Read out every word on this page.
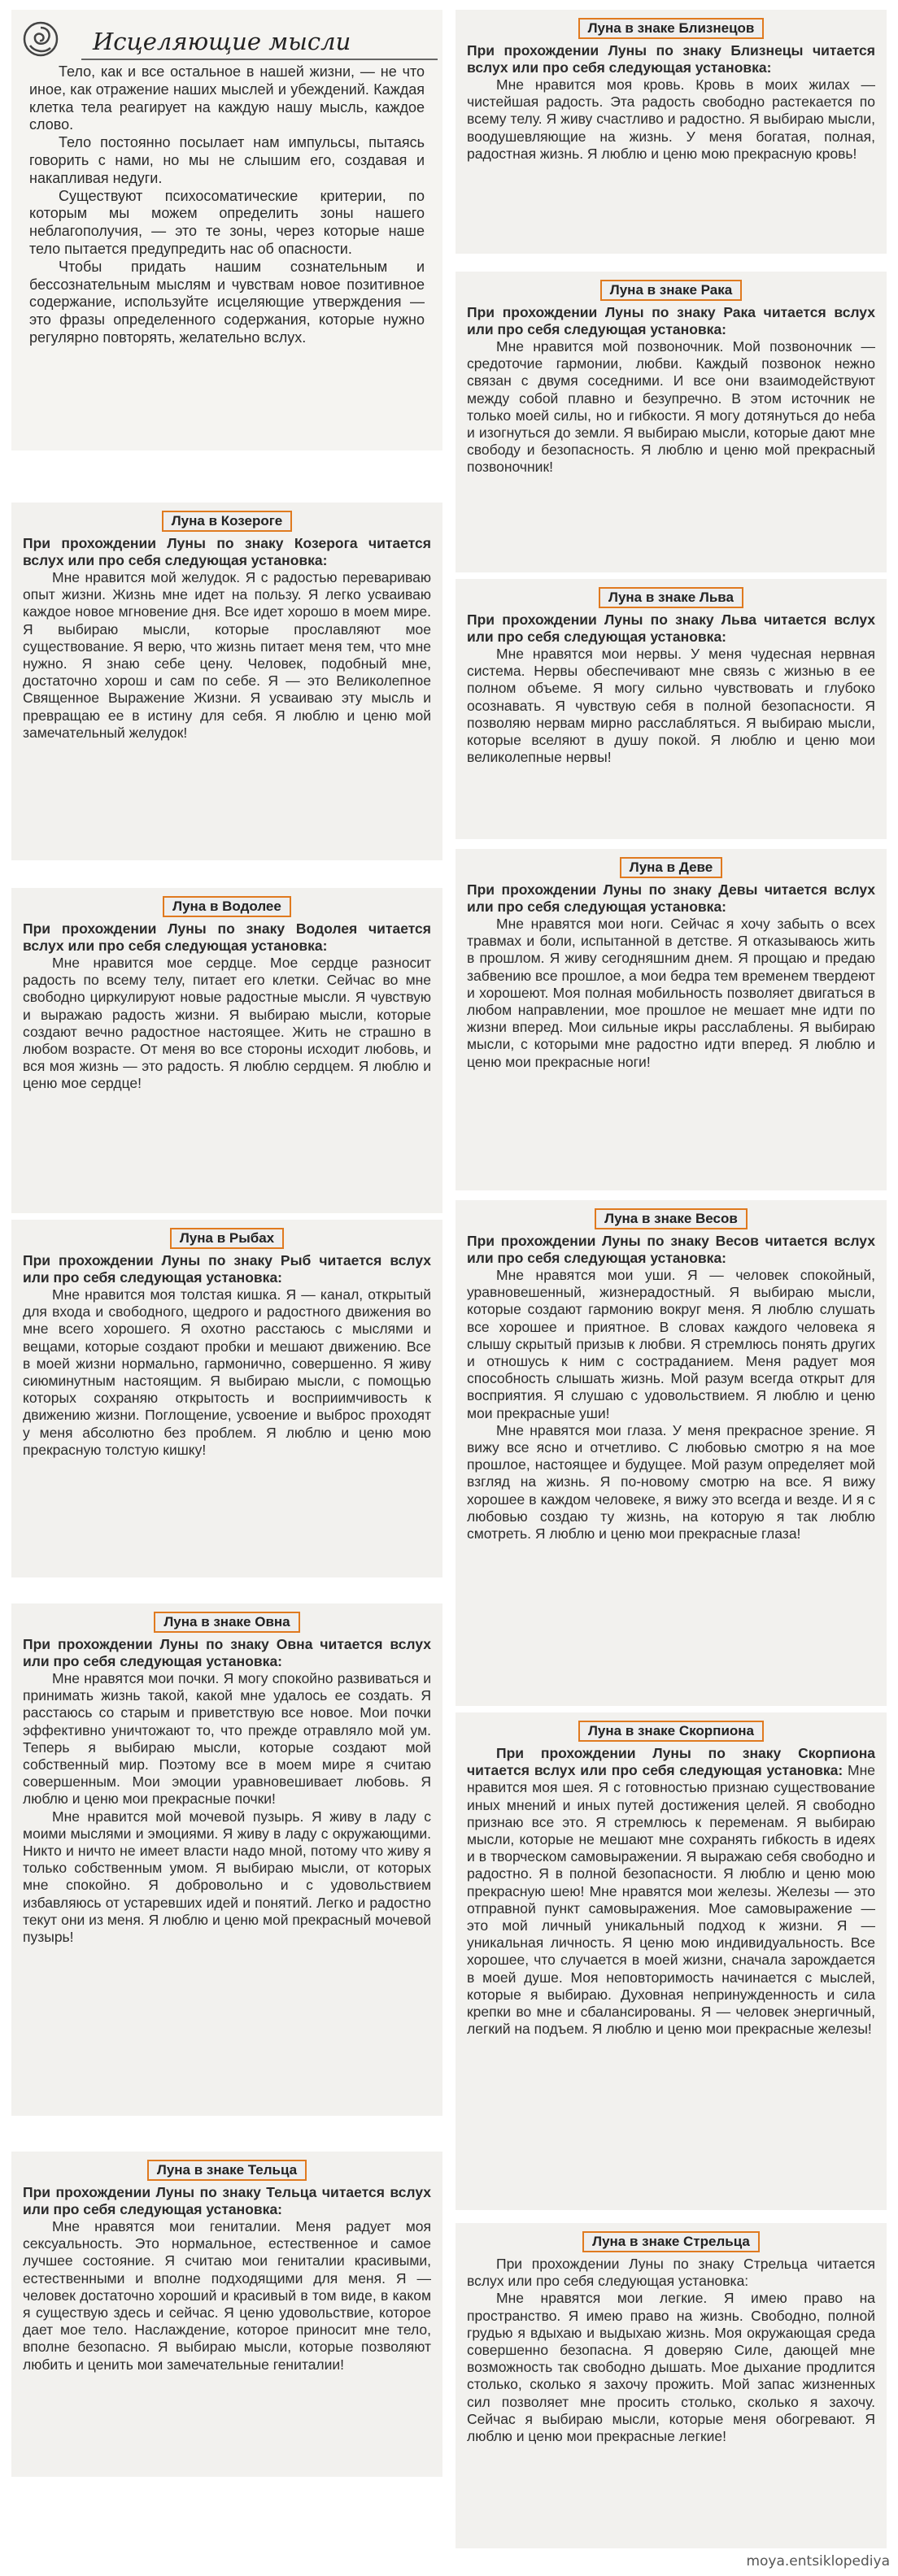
Исцеляющие мысли

Тело, как и все остальное в нашей жизни, — не что иное, как отражение наших мыслей и убеждений. Каждая клетка тела реагирует на каждую нашу мысль, каждое слово.

Тело постоянно посылает нам импульсы, пытаясь говорить с нами, но мы не слышим его, создавая и накапливая недуги.

Существуют психосоматические критерии, по которым мы можем определить зоны нашего неблагополучия, — это те зоны, через которые наше тело пытается предупредить нас об опасности.

Чтобы придать нашим сознательным и бессознательным мыслям и чувствам новое позитивное содержание, используйте исцеляющие утверждения — это фразы определенного содержания, которые нужно регулярно повторять, желательно вслух.

Луна в Козероге
При прохождении Луны по знаку Козерога читается вслух или про себя следующая установка:

Мне нравится мой желудок. Я с радостью перевариваю опыт жизни. Жизнь мне идет на пользу. Я легко усваиваю каждое новое мгновение дня. Все идет хорошо в моем мире. Я выбираю мысли, которые прославляют мое существование. Я верю, что жизнь питает меня тем, что мне нужно. Я знаю себе цену. Человек, подобный мне, достаточно хорош и сам по себе. Я — это Великолепное Священное Выражение Жизни. Я усваиваю эту мысль и превращаю ее в истину для себя. Я люблю и ценю мой замечательный желудок!

Луна в Водолее
При прохождении Луны по знаку Водолея читается вслух или про себя следующая установка:

Мне нравится мое сердце. Мое сердце разносит радость по всему телу, питает его клетки. Сейчас во мне свободно циркулируют новые радостные мысли. Я чувствую и выражаю радость жизни. Я выбираю мысли, которые создают вечно радостное настоящее. Жить не страшно в любом возрасте. От меня во все стороны исходит любовь, и вся моя жизнь — это радость. Я люблю сердцем. Я люблю и ценю мое сердце!

Луна в Рыбах
При прохождении Луны по знаку Рыб читается вслух или про себя следующая установка:

Мне нравится моя толстая кишка. Я — канал, открытый для входа и свободного, щедрого и радостного движения во мне всего хорошего. Я охотно расстаюсь с мыслями и вещами, которые создают пробки и мешают движению. Все в моей жизни нормально, гармонично, совершенно. Я живу сиюминутным настоящим. Я выбираю мысли, с помощью которых сохраняю открытость и восприимчивость к движению жизни. Поглощение, усвоение и выброс проходят у меня абсолютно без проблем. Я люблю и ценю мою прекрасную толстую кишку!

Луна в знаке Овна
При прохождении Луны по знаку Овна читается вслух или про себя следующая установка:

Мне нравятся мои почки. Я могу спокойно развиваться и принимать жизнь такой, какой мне удалось ее создать. Я расстаюсь со старым и приветствую все новое. Мои почки эффективно уничтожают то, что прежде отравляло мой ум. Теперь я выбираю мысли, которые создают мой собственный мир. Поэтому все в моем мире я считаю совершенным. Мои эмоции уравновешивает любовь. Я люблю и ценю мои прекрасные почки!

Мне нравится мой мочевой пузырь. Я живу в ладу с моими мыслями и эмоциями. Я живу в ладу с окружающими. Никто и ничто не имеет власти надо мной, потому что живу я только собственным умом. Я выбираю мысли, от которых мне спокойно. Я добровольно и с удовольствием избавляюсь от устаревших идей и понятий. Легко и радостно текут они из меня. Я люблю и ценю мой прекрасный мочевой пузырь!

Луна в знаке Тельца
При прохождении Луны по знаку Тельца читается вслух или про себя следующая установка:

Мне нравятся мои гениталии. Меня радует моя сексуальность. Это нормальное, естественное и самое лучшее состояние. Я считаю мои гениталии красивыми, естественными и вполне подходящими для меня. Я — человек достаточно хороший и красивый в том виде, в каком я существую здесь и сейчас. Я ценю удовольствие, которое дает мое тело. Наслаждение, которое приносит мне тело, вполне безопасно. Я выбираю мысли, которые позволяют любить и ценить мои замечательные гениталии!

Луна в знаке Близнецов
При прохождении Луны по знаку Близнецы читается вслух или про себя следующая установка:

Мне нравится моя кровь. Кровь в моих жилах — чистейшая радость. Эта радость свободно растекается по всему телу. Я живу счастливо и радостно. Я выбираю мысли, воодушевляющие на жизнь. У меня богатая, полная, радостная жизнь. Я люблю и ценю мою прекрасную кровь!

Луна в знаке Рака
При прохождении Луны по знаку Рака читается вслух или про себя следующая установка:

Мне нравится мой позвоночник. Мой позвоночник — средоточие гармонии, любви. Каждый позвонок нежно связан с двумя соседними. И все они взаимодействуют между собой плавно и безупречно. В этом источник не только моей силы, но и гибкости. Я могу дотянуться до неба и изогнуться до земли. Я выбираю мысли, которые дают мне свободу и безопасность. Я люблю и ценю мой прекрасный позвоночник!

Луна в знаке Льва
При прохождении Луны по знаку Льва читается вслух или про себя следующая установка:

Мне нравятся мои нервы. У меня чудесная нервная система. Нервы обеспечивают мне связь с жизнью в ее полном объеме. Я могу сильно чувствовать и глубоко осознавать. Я чувствую себя в полной безопасности. Я позволяю нервам мирно расслабляться. Я выбираю мысли, которые вселяют в душу покой. Я люблю и ценю мои великолепные нервы!

Луна в Деве
При прохождении Луны по знаку Девы читается вслух или про себя следующая установка:

Мне нравятся мои ноги. Сейчас я хочу забыть о всех травмах и боли, испытанной в детстве. Я отказываюсь жить в прошлом. Я живу сегодняшним днем. Я прощаю и предаю забвению все прошлое, а мои бедра тем временем твердеют и хорошеют. Моя полная мобильность позволяет двигаться в любом направлении, мое прошлое не мешает мне идти по жизни вперед. Мои сильные икры расслаблены. Я выбираю мысли, с которыми мне радостно идти вперед. Я люблю и ценю мои прекрасные ноги!

Луна в знаке Весов
При прохождении Луны по знаку Весов читается вслух или про себя следующая установка:

Мне нравятся мои уши. Я — человек спокойный, уравновешенный, жизнерадостный. Я выбираю мысли, которые создают гармонию вокруг меня. Я люблю слушать все хорошее и приятное. В словах каждого человека я слышу скрытый призыв к любви. Я стремлюсь понять других и отношусь к ним с состраданием. Меня радует моя способность слышать жизнь. Мой разум всегда открыт для восприятия. Я слушаю с удовольствием. Я люблю и ценю мои прекрасные уши!

Мне нравятся мои глаза. У меня прекрасное зрение. Я вижу все ясно и отчетливо. С любовью смотрю я на мое прошлое, настоящее и будущее. Мой разум определяет мой взгляд на жизнь. Я по-новому смотрю на все. Я вижу хорошее в каждом человеке, я вижу это всегда и везде. И я с любовью создаю ту жизнь, на которую я так люблю смотреть. Я люблю и ценю мои прекрасные глаза!

Луна в знаке Скорпиона

При прохождении Луны по знаку Скорпиона читается вслух или про себя следующая установка: Мне нравится моя шея. Я с готовностью признаю существование иных мнений и иных путей достижения целей. Я свободно признаю все это. Я стремлюсь к переменам. Я выбираю мысли, которые не мешают мне сохранять гибкость в идеях и в творческом самовыражении. Я выражаю себя свободно и радостно. Я в полной безопасности. Я люблю и ценю мою прекрасную шею! Мне нравятся мои железы. Железы — это отправной пункт самовыражения. Мое самовыражение — это мой личный уникальный подход к жизни. Я — уникальная личность. Я ценю мою индивидуальность. Все хорошее, что случается в моей жизни, сначала зарождается в моей душе. Моя неповторимость начинается с мыслей, которые я выбираю. Духовная непринужденность и сила крепки во мне и сбалансированы. Я — человек энергичный, легкий на подъем. Я люблю и ценю мои прекрасные железы!

Луна в знаке Стрельца

При прохождении Луны по знаку Стрельца читается вслух или про себя следующая установка:

Мне нравятся мои легкие. Я имею право на пространство. Я имею право на жизнь. Свободно, полной грудью я вдыхаю и выдыхаю жизнь. Моя окружающая среда совершенно безопасна. Я доверяю Силе, дающей мне возможность так свободно дышать. Мое дыхание продлится столько, сколько я захочу прожить. Мой запас жизненных сил позволяет мне просить столько, сколько я захочу. Сейчас я выбираю мысли, которые меня обогревают. Я люблю и ценю мои прекрасные легкие!

moya.entsiklopediya
